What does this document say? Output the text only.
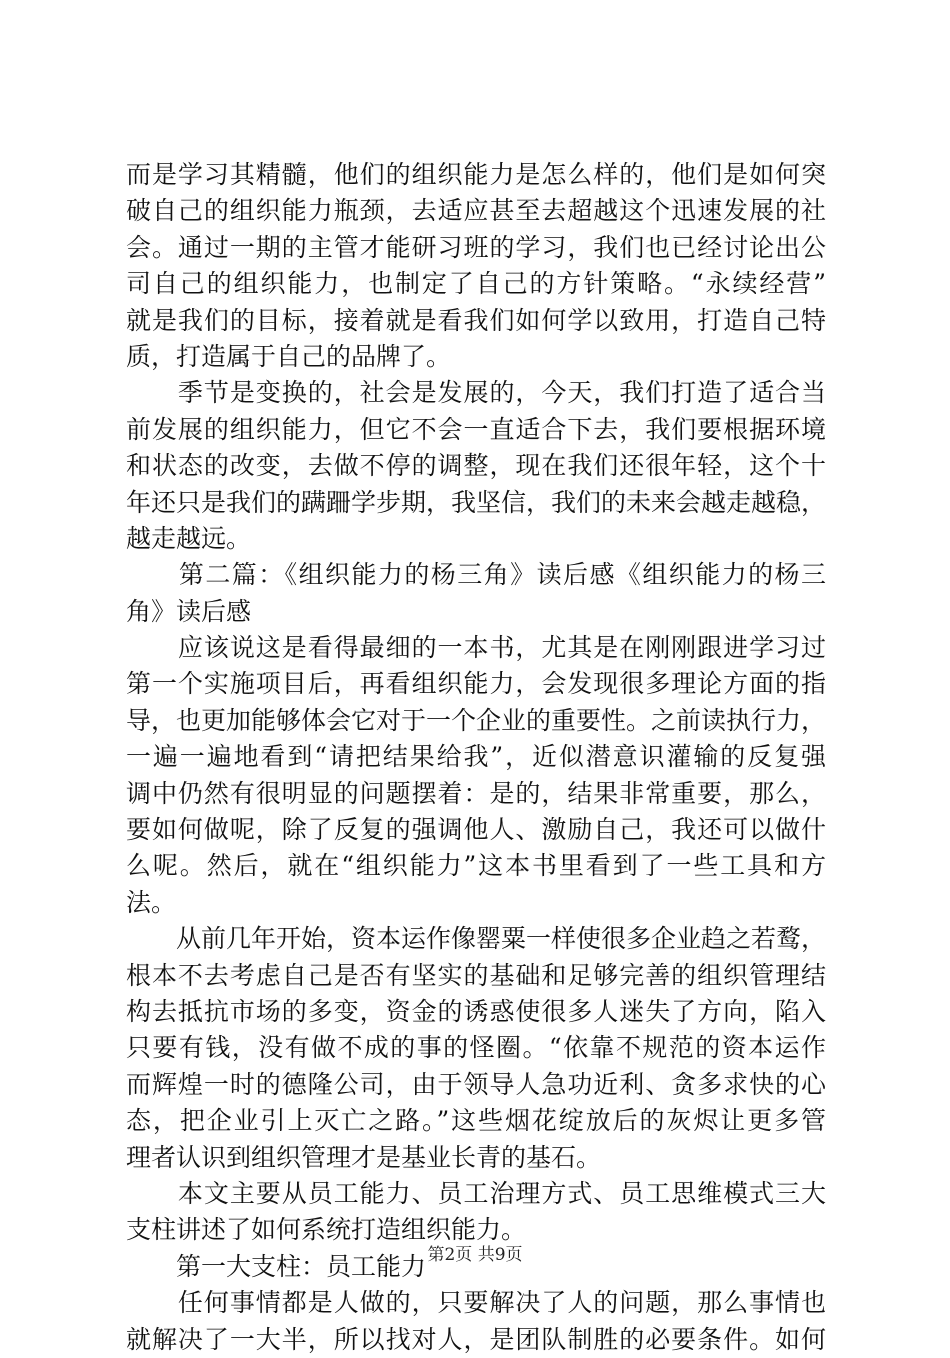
而是学习其精髓，他们的组织能力是怎么样的，他们是如何突
破自己的组织能力瓶颈，去适应甚至去超越这个迅速发展的社
会。通过一期的主管才能研习班的学习，我们也已经讨论出公
司自己的组织能力，也制定了自己的方针策略。“永续经营”
就是我们的目标，接着就是看我们如何学以致用，打造自己特
质，打造属于自己的品牌了。
　　季节是变换的，社会是发展的，今天，我们打造了适合当
前发展的组织能力，但它不会一直适合下去，我们要根据环境
和状态的改变，去做不停的调整，现在我们还很年轻，这个十
年还只是我们的蹒跚学步期，我坚信，我们的未来会越走越稳，
越走越远。
　　第二篇：《组织能力的杨三角》读后感《组织能力的杨三
角》读后感
　　应该说这是看得最细的一本书，尤其是在刚刚跟进学习过
第一个实施项目后，再看组织能力，会发现很多理论方面的指
导，也更加能够体会它对于一个企业的重要性。之前读执行力，
一遍一遍地看到“请把结果给我”，近似潜意识灌输的反复强
调中仍然有很明显的问题摆着：是的，结果非常重要，那么，
要如何做呢，除了反复的强调他人、激励自己，我还可以做什
么呢。然后，就在“组织能力”这本书里看到了一些工具和方
法。
　　从前几年开始，资本运作像罂粟一样使很多企业趋之若鹜，
根本不去考虑自己是否有坚实的基础和足够完善的组织管理结
构去抵抗市场的多变，资金的诱惑使很多人迷失了方向，陷入
只要有钱，没有做不成的事的怪圈。“依靠不规范的资本运作
而辉煌一时的德隆公司，由于领导人急功近利、贪多求快的心
态，把企业引上灭亡之路。”这些烟花绽放后的灰烬让更多管
理者认识到组织管理才是基业长青的基石。
　　本文主要从员工能力、员工治理方式、员工思维模式三大
支柱讲述了如何系统打造组织能力。
　　第一大支柱：员工能力
　　任何事情都是人做的，只要解决了人的问题，那么事情也
就解决了一大半，所以找对人，是团队制胜的必要条件。如何
第2页 共9页
